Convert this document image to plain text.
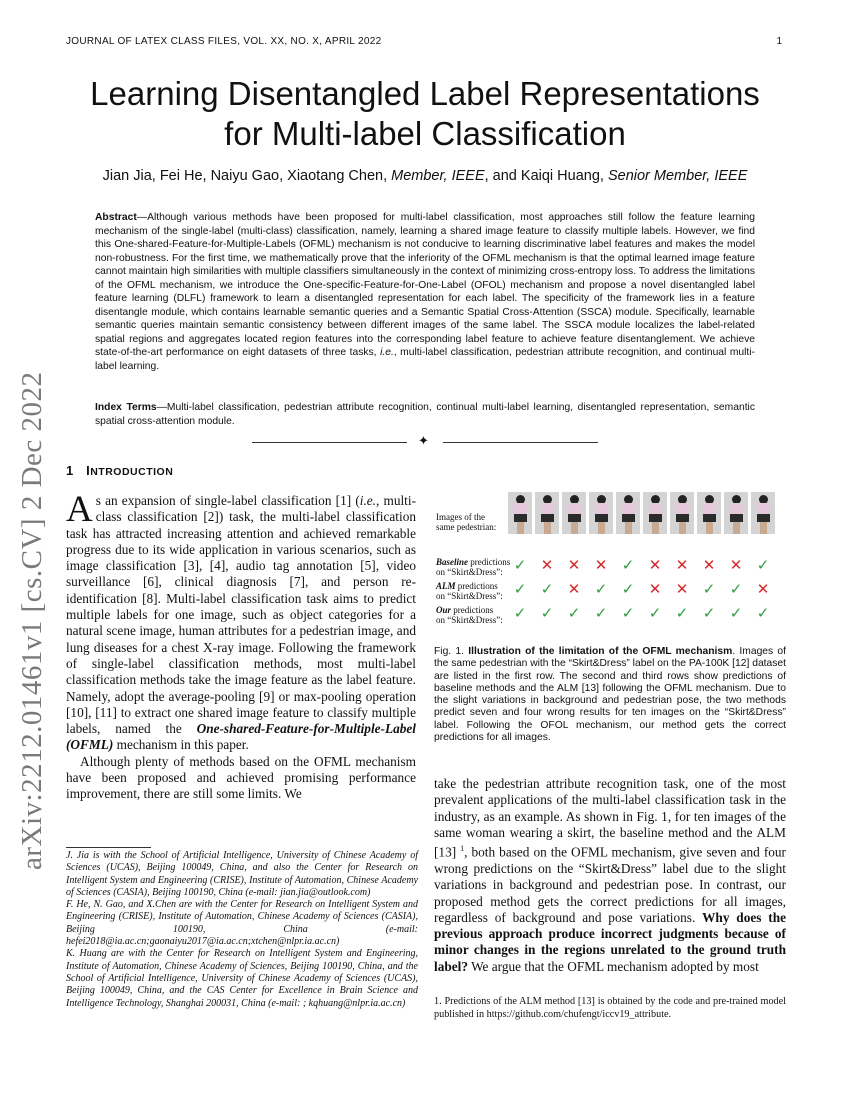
JOURNAL OF LATEX CLASS FILES, VOL. XX, NO. X, APRIL 2022	1
arXiv:2212.01461v1 [cs.CV] 2 Dec 2022
Learning Disentangled Label Representations
for Multi-label Classification
Jian Jia, Fei He, Naiyu Gao, Xiaotang Chen, Member, IEEE, and Kaiqi Huang, Senior Member, IEEE
Abstract—Although various methods have been proposed for multi-label classification, most approaches still follow the feature learning mechanism of the single-label (multi-class) classification, namely, learning a shared image feature to classify multiple labels. However, we find this One-shared-Feature-for-Multiple-Labels (OFML) mechanism is not conducive to learning discriminative label features and makes the model non-robustness. For the first time, we mathematically prove that the inferiority of the OFML mechanism is that the optimal learned image feature cannot maintain high similarities with multiple classifiers simultaneously in the context of minimizing cross-entropy loss. To address the limitations of the OFML mechanism, we introduce the One-specific-Feature-for-One-Label (OFOL) mechanism and propose a novel disentangled label feature learning (DLFL) framework to learn a disentangled representation for each label. The specificity of the framework lies in a feature disentangle module, which contains learnable semantic queries and a Semantic Spatial Cross-Attention (SSCA) module. Specifically, learnable semantic queries maintain semantic consistency between different images of the same label. The SSCA module localizes the label-related spatial regions and aggregates located region features into the corresponding label feature to achieve feature disentanglement. We achieve state-of-the-art performance on eight datasets of three tasks, i.e., multi-label classification, pedestrian attribute recognition, and continual multi-label learning.
Index Terms—Multi-label classification, pedestrian attribute recognition, continual multi-label learning, disentangled representation, semantic spatial cross-attention module.
✦
1 INTRODUCTION

As an expansion of single-label classification [1] (i.e., multi-class classification [2]) task, the multi-label classification task has attracted increasing attention and achieved remarkable progress due to its wide application in various scenarios, such as image classification [3], [4], audio tag annotation [5], video surveillance [6], clinical diagnosis [7], and person re-identification [8]. Multi-label classification task aims to predict multiple labels for one image, such as object categories for a natural scene image, human attributes for a pedestrian image, and lung diseases for a chest X-ray image. Following the framework of single-label classification methods, most multi-label classification methods take the image feature as the label feature. Namely, adopt the average-pooling [9] or max-pooling operation [10], [11] to extract one shared image feature to classify multiple labels, named the One-shared-Feature-for-Multiple-Label (OFML) mechanism in this paper.

Although plenty of methods based on the OFML mechanism have been proposed and achieved promising performance improvement, there are still some limits. We

J. Jia is with the School of Artificial Intelligence, University of Chinese Academy of Sciences (UCAS), Beijing 100049, China, and also the Center for Research on Intelligent System and Engineering (CRISE), Institute of Automation, Chinese Academy of Sciences (CASIA), Beijing 100190, China (e-mail: jian.jia@outlook.com)

F. He, N. Gao, and X.Chen are with the Center for Research on Intelligent System and Engineering (CRISE), Institute of Automation, Chinese Academy of Sciences (CASIA), Beijing 100190, China (e-mail: hefei2018@ia.ac.cn;gaonaiyu2017@ia.ac.cn;xtchen@nlpr.ia.ac.cn)

K. Huang are with the Center for Research on Intelligent System and Engineering, Institute of Automation, Chinese Academy of Sciences, Beijing 100190, China, and the School of Artificial Intelligence, University of Chinese Academy of Sciences (UCAS), Beijing 100049, China, and the CAS Center for Excellence in Brain Science and Intelligence Technology, Shanghai 200031, China (e-mail: ; kqhuang@nlpr.ia.ac.cn)

Images of the
same pedestrian:
Baseline predictions
on “Skirt&Dress”:
ALM predictions
on “Skirt&Dress”:
Our predictions
on “Skirt&Dress”:
✓ ✕ ✕ ✕ ✓ ✕ ✕ ✕ ✕ ✓
✓ ✓ ✕ ✓ ✓ ✕ ✕ ✓ ✓ ✕
✓ ✓ ✓ ✓ ✓ ✓ ✓ ✓ ✓ ✓
Fig. 1. Illustration of the limitation of the OFML mechanism. Images of the same pedestrian with the “Skirt&Dress” label on the PA-100K [12] dataset are listed in the first row. The second and third rows show predictions of baseline methods and the ALM [13] following the OFML mechanism. Due to the slight variations in background and pedestrian pose, the two methods predict seven and four wrong results for ten images on the “Skirt&Dress” label. Following the OFOL mechanism, our method gets the correct predictions for all images.

take the pedestrian attribute recognition task, one of the most prevalent applications of the multi-label classification task in the industry, as an example. As shown in Fig. 1, for ten images of the same woman wearing a skirt, the baseline method and the ALM [13] $^1$, both based on the OFML mechanism, give seven and four wrong predictions on the “Skirt&Dress” label due to the slight variations in background and pedestrian pose. In contrast, our proposed method gets the correct predictions for all images, regardless of background and pose variations. Why does the previous approach produce incorrect judgments because of minor changes in the regions unrelated to the ground truth label? We argue that the OFML mechanism adopted by most

1. Predictions of the ALM method [13] is obtained by the code and pre-trained model published in https://github.com/chufengt/iccv19_attribute.
